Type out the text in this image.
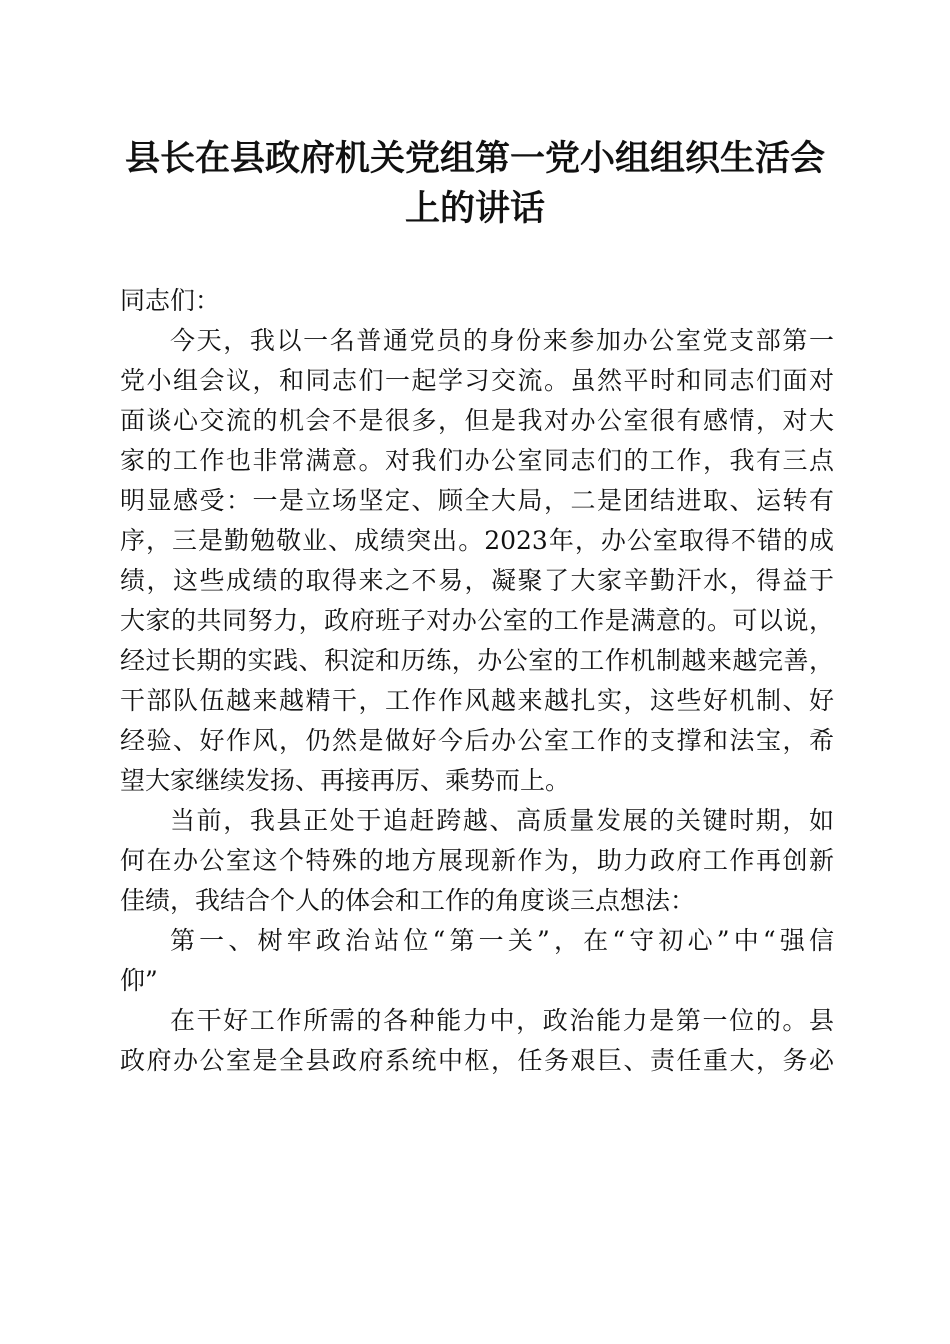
县长在县政府机关党组第一党小组组织生活会
上的讲话
同志们：
今天，我以一名普通党员的身份来参加办公室党支部第一
党小组会议，和同志们一起学习交流。虽然平时和同志们面对
面谈心交流的机会不是很多，但是我对办公室很有感情，对大
家的工作也非常满意。对我们办公室同志们的工作，我有三点
明显感受：一是立场坚定、顾全大局，二是团结进取、运转有
序，三是勤勉敬业、成绩突出。2023年，办公室取得不错的成
绩，这些成绩的取得来之不易，凝聚了大家辛勤汗水，得益于
大家的共同努力，政府班子对办公室的工作是满意的。可以说，
经过长期的实践、积淀和历练，办公室的工作机制越来越完善，
干部队伍越来越精干，工作作风越来越扎实，这些好机制、好
经验、好作风，仍然是做好今后办公室工作的支撑和法宝，希
望大家继续发扬、再接再厉、乘势而上。
当前，我县正处于追赶跨越、高质量发展的关键时期，如
何在办公室这个特殊的地方展现新作为，助力政府工作再创新
佳绩，我结合个人的体会和工作的角度谈三点想法：
第一、树牢政治站位“第一关”，在“守初心”中“强信
仰”
在干好工作所需的各种能力中，政治能力是第一位的。县
政府办公室是全县政府系统中枢，任务艰巨、责任重大，务必
